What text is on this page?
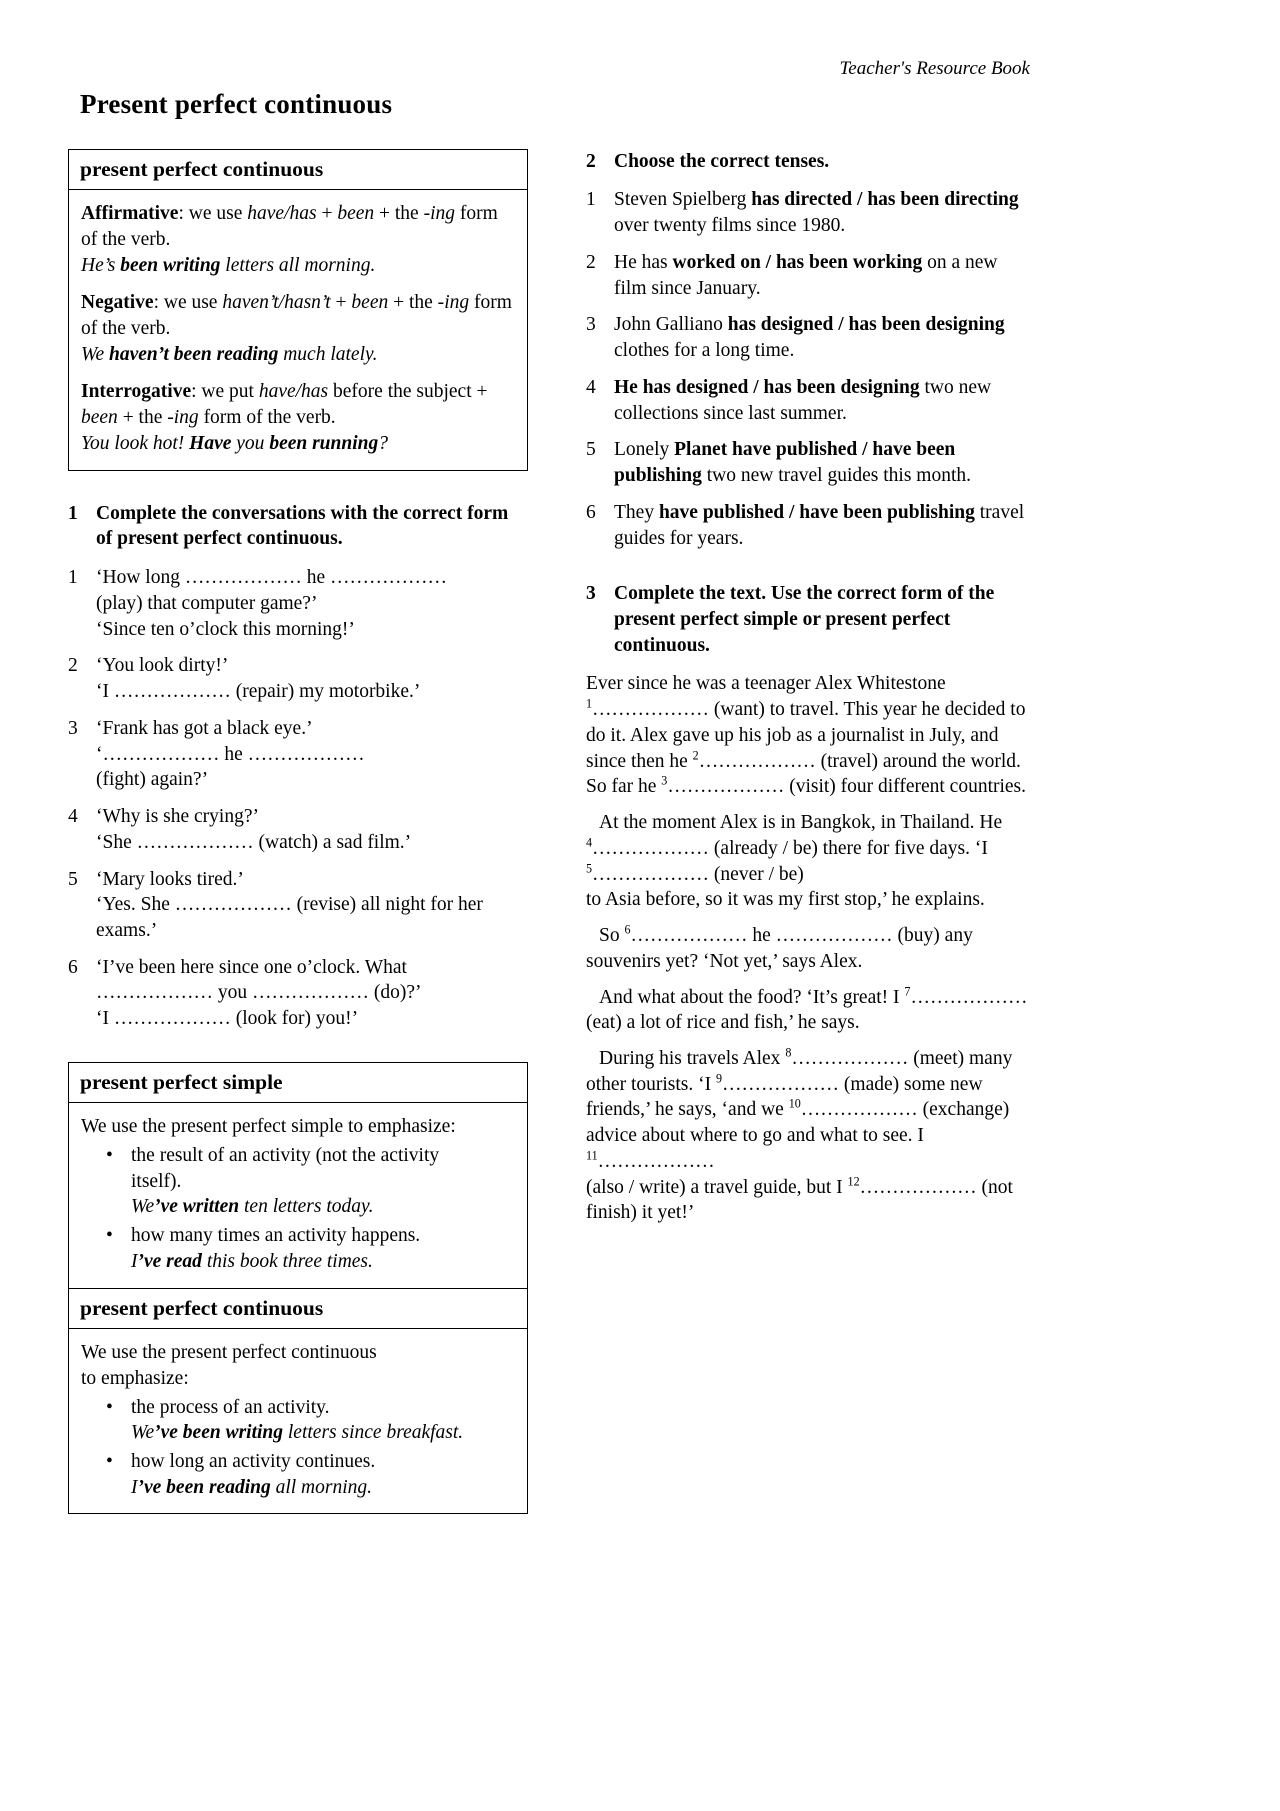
Teacher's Resource Book
Present perfect continuous
present perfect continuous

Affirmative: we use have/has + been + the -ing form of the verb.
He’s been writing letters all morning.

Negative: we use haven’t/hasn’t + been + the -ing form of the verb.
We haven’t been reading much lately.

Interrogative: we put have/has before the subject + been + the -ing form of the verb.
You look hot! Have you been running?

1 Complete the conversations with the correct form of present perfect continuous.
1 ‘How long ……………… he ………………
(play) that computer game?’
‘Since ten o’clock this morning!’
2 ‘You look dirty!’
‘I ……………… (repair) my motorbike.’
3 ‘Frank has got a black eye.’
‘……………… he ………………
(fight) again?’
4 ‘Why is she crying?’
‘She ……………… (watch) a sad film.’
5 ‘Mary looks tired.’
‘Yes. She ……………… (revise) all night for her exams.’
6 ‘I’ve been here since one o’clock. What
……………… you ……………… (do)?’
‘I ……………… (look for) you!’
present perfect simple

We use the present perfect simple to emphasize:

• the result of an activity (not the activity
itself).
We’ve written ten letters today.
• how many times an activity happens.
I’ve read this book three times.
present perfect continuous

We use the present perfect continuous
to emphasize:

• the process of an activity.
We’ve been writing letters since breakfast.
• how long an activity continues.
I’ve been reading all morning.
2 Choose the correct tenses.
1 Steven Spielberg has directed / has been directing over twenty films since 1980.
2 He has worked on / has been working on a new film since January.
3 John Galliano has designed / has been designing clothes for a long time.
4 He has designed / has been designing two new collections since last summer.
5 Lonely Planet have published / have been publishing two new travel guides this month.
6 They have published / have been publishing travel guides for years.
3 Complete the text. Use the correct form of the present perfect simple or present perfect continuous.

Ever since he was a teenager Alex Whitestone $^1$……………… (want) to travel. This year he decided to do it. Alex gave up his job as a journalist in July, and since then he $^2$……………… (travel) around the world. So far he $^3$……………… (visit) four different countries.

At the moment Alex is in Bangkok, in Thailand. He $^4$……………… (already / be) there for five days. ‘I $^5$……………… (never / be)
to Asia before, so it was my first stop,’ he explains.

So $^6$……………… he ……………… (buy) any souvenirs yet? ‘Not yet,’ says Alex.

And what about the food? ‘It’s great! I $^7$……………… (eat) a lot of rice and fish,’ he says.

During his travels Alex $^8$……………… (meet) many other tourists. ‘I $^9$……………… (made) some new friends,’ he says, ‘and we $^{10}$……………… (exchange) advice about where to go and what to see. I $^{11}$………………
(also / write) a travel guide, but I $^{12}$……………… (not finish) it yet!’
